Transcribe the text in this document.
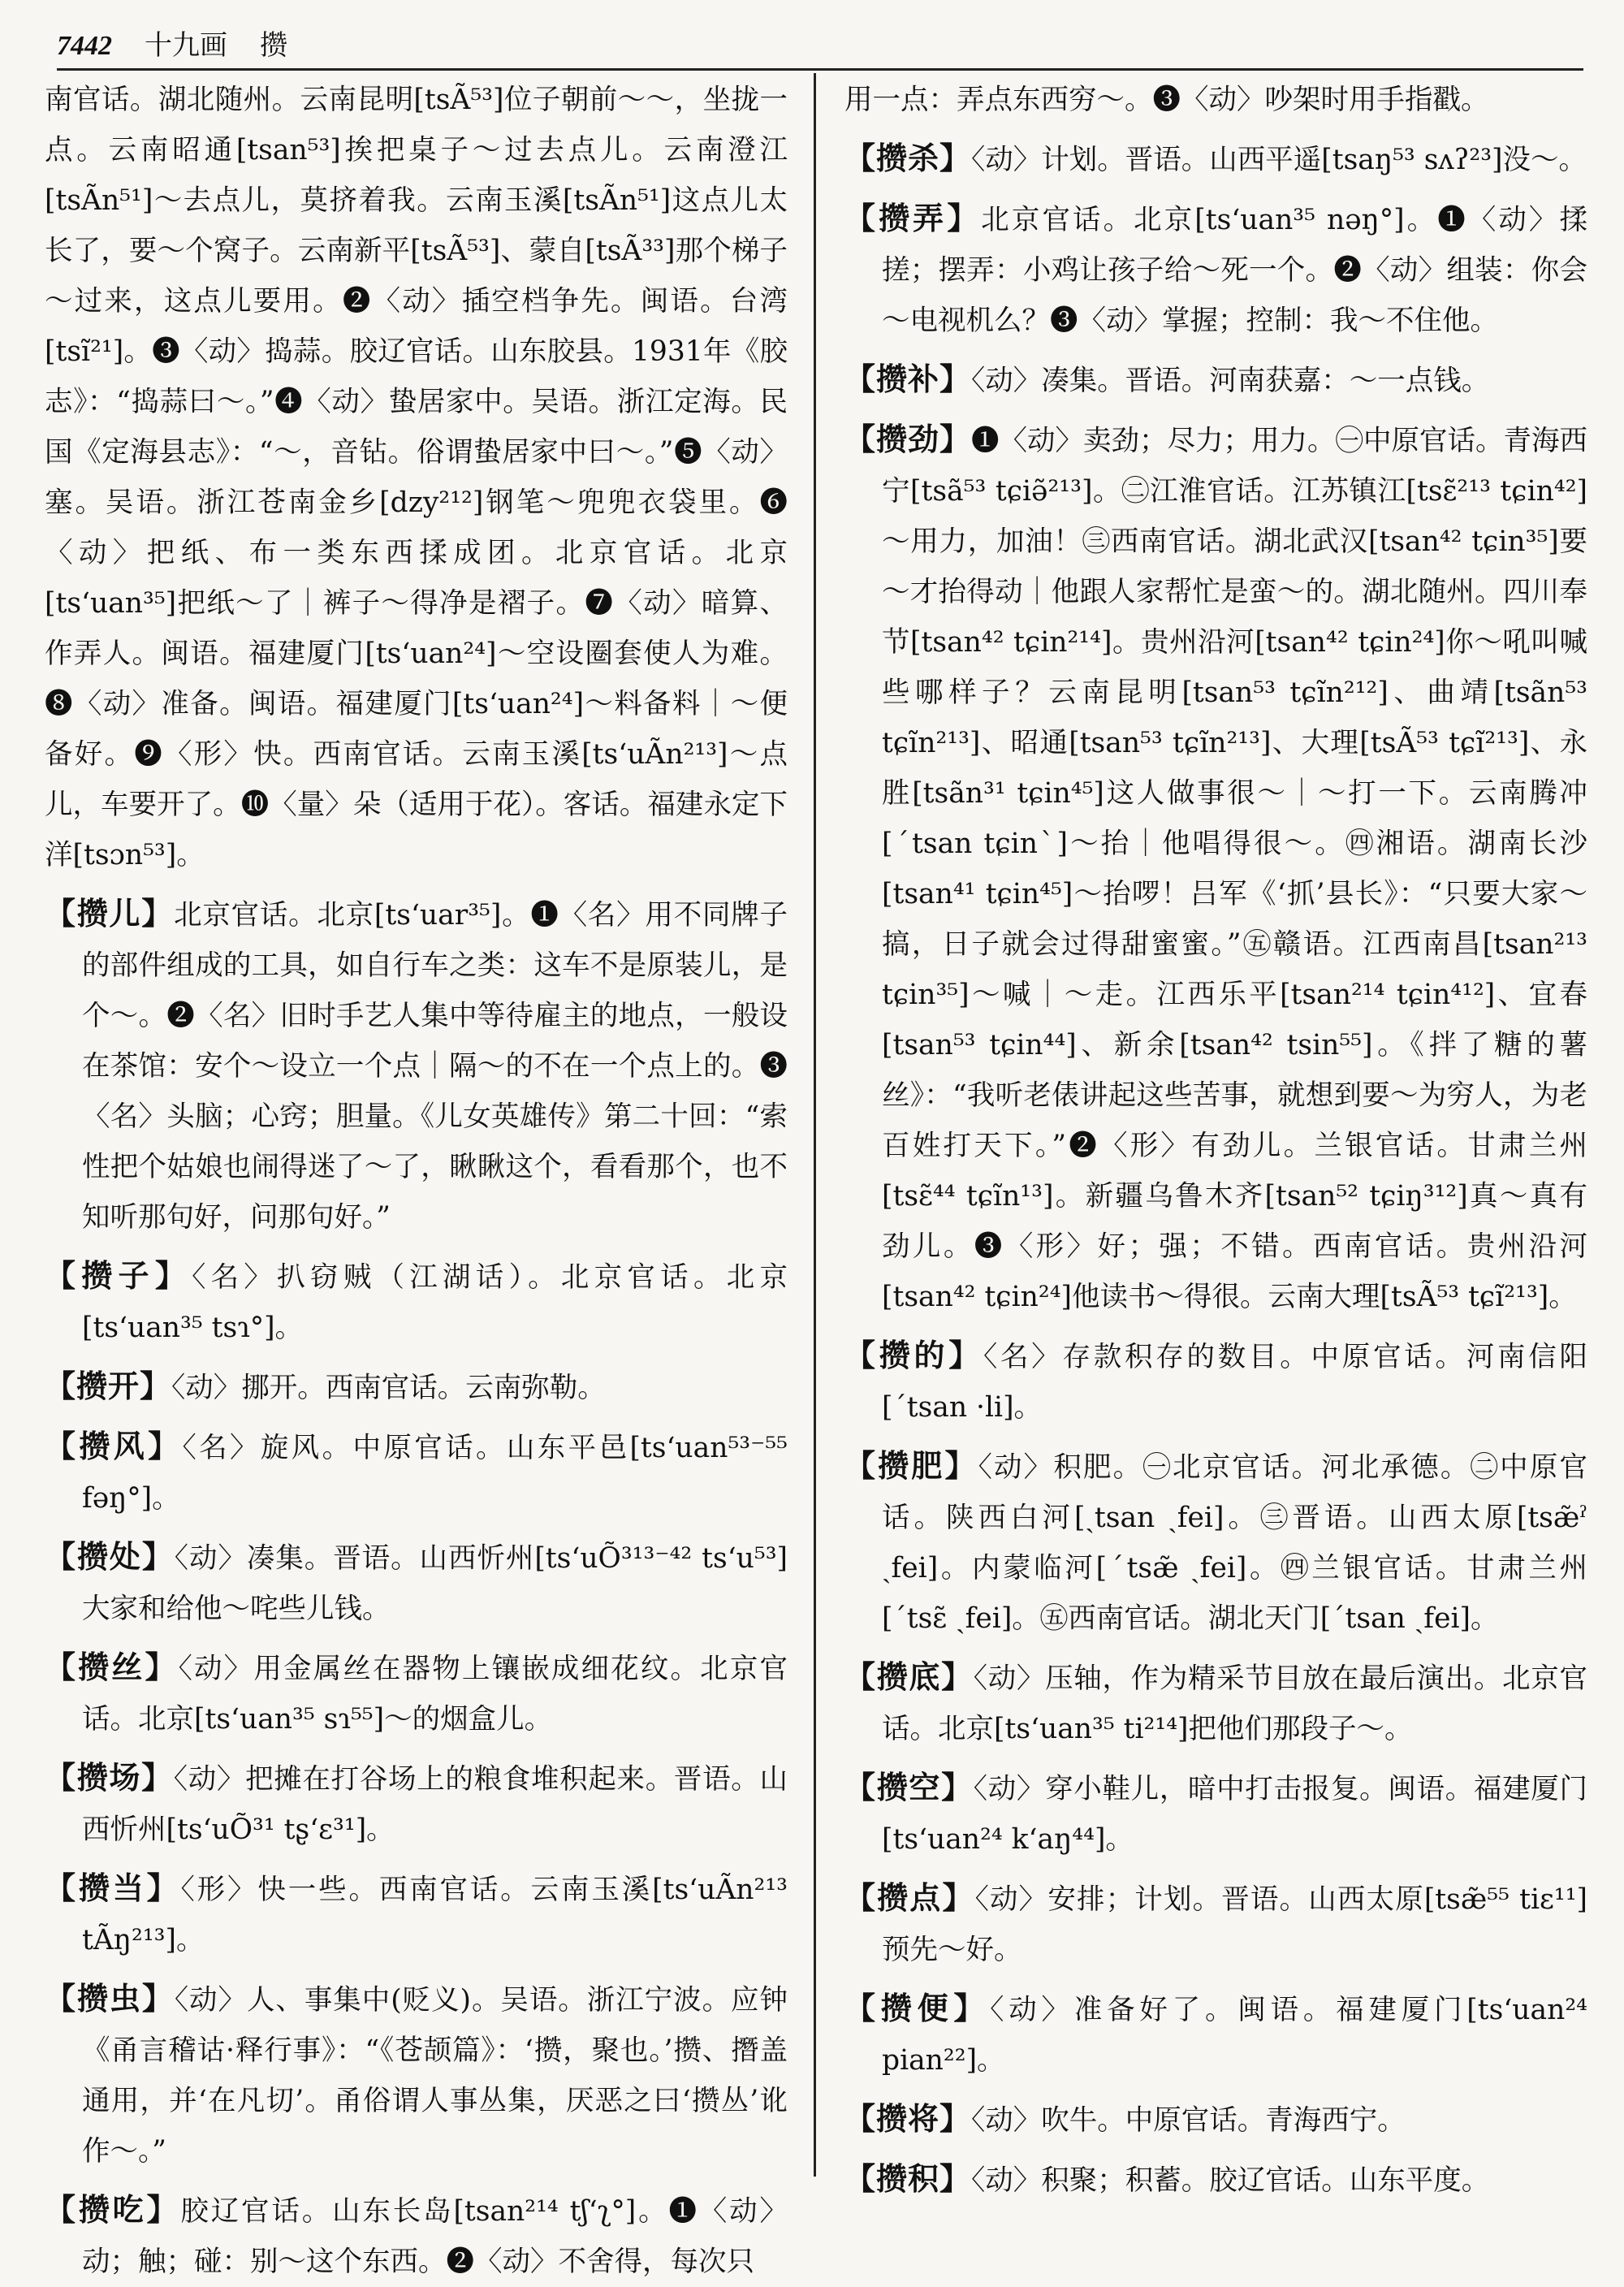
7442 十九画 攒
南官话。湖北随州。云南昆明[tsÃ⁵³]位子朝前～～，坐拢一点。云南昭通[tsan⁵³]挨把桌子～过去点儿。云南澄江[tsÃn⁵¹]～去点儿，莫挤着我。云南玉溪[tsÃn⁵¹]这点儿太长了，要～个窝子。云南新平[tsÃ⁵³]、蒙自[tsÃ³³]那个梯子～过来，这点儿要用。❷〈动〉插空档争先。闽语。台湾[tsĩ²¹]。❸〈动〉捣蒜。胶辽官话。山东胶县。1931年《胶志》：“捣蒜曰～。”❹〈动〉蛰居家中。吴语。浙江定海。民国《定海县志》：“～，音钻。俗谓蛰居家中曰～。”❺〈动〉塞。吴语。浙江苍南金乡[dzy²¹²]钢笔～兜兜衣袋里。❻〈动〉把纸、布一类东西揉成团。北京官话。北京[ts‘uan³⁵]把纸～了｜裤子～得净是褶子。❼〈动〉暗算、作弄人。闽语。福建厦门[ts‘uan²⁴]～空设圈套使人为难。❽〈动〉准备。闽语。福建厦门[ts‘uan²⁴]～料备料｜～便备好。❾〈形〉快。西南官话。云南玉溪[ts‘uÃn²¹³]～点儿，车要开了。❿〈量〉朵（适用于花）。客话。福建永定下洋[tsɔn⁵³]。
【攒儿】北京官话。北京[ts‘uar³⁵]。❶〈名〉用不同牌子的部件组成的工具，如自行车之类：这车不是原装儿，是个～。❷〈名〉旧时手艺人集中等待雇主的地点，一般设在茶馆：安个～设立一个点｜隔～的不在一个点上的。❸〈名〉头脑；心窍；胆量。《儿女英雄传》第二十回：“索性把个姑娘也闹得迷了～了，瞅瞅这个，看看那个，也不知听那句好，问那句好。”
【攒子】〈名〉扒窃贼（江湖话）。北京官话。北京[ts‘uan³⁵ tsɿ°]。
【攒开】〈动〉挪开。西南官话。云南弥勒。
【攒风】〈名〉旋风。中原官话。山东平邑[ts‘uan⁵³⁻⁵⁵ fəŋ°]。
【攒处】〈动〉凑集。晋语。山西忻州[ts‘uÕ³¹³⁻⁴² ts‘u⁵³]大家和给他～咤些儿钱。
【攒丝】〈动〉用金属丝在器物上镶嵌成细花纹。北京官话。北京[ts‘uan³⁵ sɿ⁵⁵]～的烟盒儿。
【攒场】〈动〉把摊在打谷场上的粮食堆积起来。晋语。山西忻州[ts‘uÕ³¹ tʂ‘ɛ³¹]。
【攒当】〈形〉快一些。西南官话。云南玉溪[ts‘uÃn²¹³ tÃŋ²¹³]。
【攒虫】〈动〉人、事集中(贬义)。吴语。浙江宁波。应钟《甬言稽诂·释行事》：“《苍颉篇》：‘攒，聚也。’攒、撍盖通用，并‘在凡切’。甬俗谓人事丛集，厌恶之曰‘攒丛’讹作～。”
【攒吃】胶辽官话。山东长岛[tsan²¹⁴ tʃ‘ʅ°]。❶〈动〉动；触；碰：别～这个东西。❷〈动〉不舍得，每次只
用一点：弄点东西穷～。❸〈动〉吵架时用手指戳。
【攒杀】〈动〉计划。晋语。山西平遥[tsaŋ⁵³ sʌʔ²³]没～。
【攒弄】北京官话。北京[ts‘uan³⁵ nəŋ°]。❶〈动〉揉搓；摆弄：小鸡让孩子给～死一个。❷〈动〉组装：你会～电视机么？❸〈动〉掌握；控制：我～不住他。
【攒补】〈动〉凑集。晋语。河南获嘉：～一点钱。
【攒劲】❶〈动〉卖劲；尽力；用力。㊀中原官话。青海西宁[tsã⁵³ tɕiə̃²¹³]。㊁江淮官话。江苏镇江[tsɛ̃²¹³ tɕin⁴²]～用力，加油！㊂西南官话。湖北武汉[tsan⁴² tɕin³⁵]要～才抬得动｜他跟人家帮忙是蛮～的。湖北随州。四川奉节[tsan⁴² tɕin²¹⁴]。贵州沿河[tsan⁴² tɕin²⁴]你～吼叫喊些哪样子？云南昆明[tsan⁵³ tɕĩn²¹²]、曲靖[tsãn⁵³ tɕĩn²¹³]、昭通[tsan⁵³ tɕĩn²¹³]、大理[tsÃ⁵³ tɕĩ²¹³]、永胜[tsãn³¹ tɕin⁴⁵]这人做事很～｜～打一下。云南腾冲[ˊtsan tɕinˋ]～抬｜他唱得很～。㊃湘语。湖南长沙[tsan⁴¹ tɕin⁴⁵]～抬啰！吕军《‘抓’县长》：“只要大家～搞，日子就会过得甜蜜蜜。”㊄赣语。江西南昌[tsan²¹³ tɕin³⁵]～喊｜～走。江西乐平[tsan²¹⁴ tɕin⁴¹²]、宜春[tsan⁵³ tɕin⁴⁴]、新余[tsan⁴² tsin⁵⁵]。《拌了糖的薯丝》：“我听老俵讲起这些苦事，就想到要～为穷人，为老百姓打天下。”❷〈形〉有劲儿。兰银官话。甘肃兰州[tsɛ̃⁴⁴ tɕĩn¹³]。新疆乌鲁木齐[tsan⁵² tɕiŋ³¹²]真～真有劲儿。❸〈形〉好；强；不错。西南官话。贵州沿河[tsan⁴² tɕin²⁴]他读书～得很。云南大理[tsÃ⁵³ tɕĩ²¹³]。
【攒的】〈名〉存款积存的数目。中原官话。河南信阳[ˊtsan ·li]。
【攒肥】〈动〉积肥。㊀北京官话。河北承德。㊁中原官话。陕西白河[ˏtsan ˏfei]。㊂晋语。山西太原[tsæ̃ˀ ˏfei]。内蒙临河[ˊtsæ̃ ˏfei]。㊃兰银官话。甘肃兰州[ˊtsɛ̃ ˏfei]。㊄西南官话。湖北天门[ˊtsan ˏfei]。
【攒底】〈动〉压轴，作为精采节目放在最后演出。北京官话。北京[ts‘uan³⁵ ti²¹⁴]把他们那段子～。
【攒空】〈动〉穿小鞋儿，暗中打击报复。闽语。福建厦门[ts‘uan²⁴ k‘aŋ⁴⁴]。
【攒点】〈动〉安排；计划。晋语。山西太原[tsæ̃⁵⁵ tiɛ¹¹]预先～好。
【攒便】〈动〉准备好了。闽语。福建厦门[ts‘uan²⁴ pian²²]。
【攒将】〈动〉吹牛。中原官话。青海西宁。
【攒积】〈动〉积聚；积蓄。胶辽官话。山东平度。
